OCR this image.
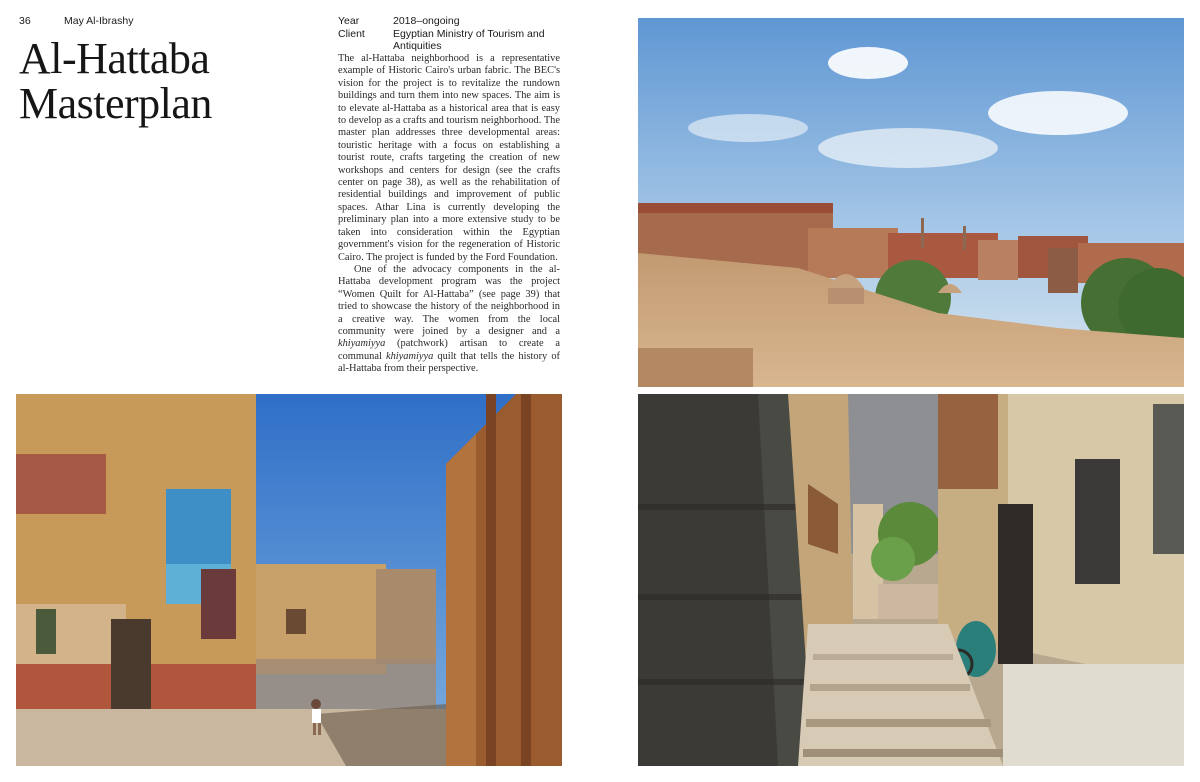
36	May Al-Ibrashy
Al-Hattaba
Masterplan
Year	2018–ongoing
Client	Egyptian Ministry of Tourism and Antiquities

The al-Hattaba neighborhood is a representative example of Historic Cairo's urban fabric. The BEC's vision for the project is to revitalize the rundown buildings and turn them into new spaces. The aim is to elevate al-Hattaba as a historical area that is easy to develop as a crafts and tourism neighborhood. The master plan addresses three developmental areas: touristic heritage with a focus on establishing a tourist route, crafts targeting the creation of new workshops and centers for design (see the crafts center on page 38), as well as the rehabilitation of residential buildings and improvement of public spaces. Athar Lina is currently developing the preliminary plan into a more extensive study to be taken into consideration within the Egyptian government's vision for the regeneration of Historic Cairo. The project is funded by the Ford Foundation.

One of the advocacy components in the al-Hattaba development program was the project “Women Quilt for Al-Hattaba” (see page 39) that tried to showcase the history of the neighborhood in a creative way. The women from the local community were joined by a designer and a khiyamiyya (patchwork) artisan to create a communal khiyamiyya quilt that tells the history of al-Hattaba from their perspective.
